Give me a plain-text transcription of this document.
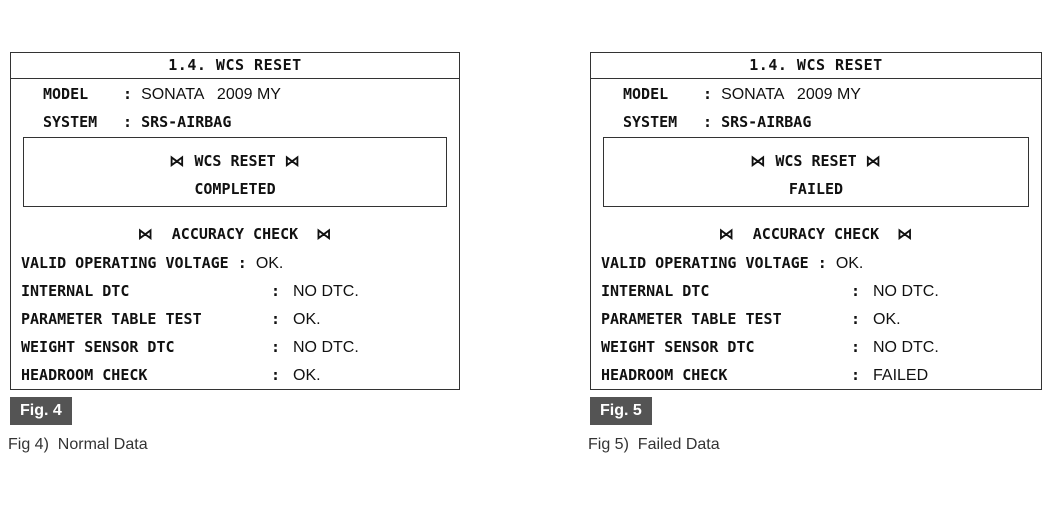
1.4. WCS RESET
MODEL : SONATA   2009 MY
SYSTEM : SRS-AIRBAG
⋈ WCS RESET ⋈
COMPLETED
⋈ ACCURACY CHECK ⋈
VALID OPERATING VOLTAGE : OK.
INTERNAL DTC	: NO DTC.
PARAMETER TABLE TEST	: OK.
WEIGHT SENSOR DTC	: NO DTC.
HEADROOM CHECK	: OK.
Fig. 4
Fig 4)  Normal Data
1.4. WCS RESET
MODEL : SONATA   2009 MY
SYSTEM : SRS-AIRBAG
⋈ WCS RESET ⋈
FAILED
⋈ ACCURACY CHECK ⋈
VALID OPERATING VOLTAGE : OK.
INTERNAL DTC	: NO DTC.
PARAMETER TABLE TEST	: OK.
WEIGHT SENSOR DTC	: NO DTC.
HEADROOM CHECK	: FAILED
Fig. 5
Fig 5)  Failed Data
